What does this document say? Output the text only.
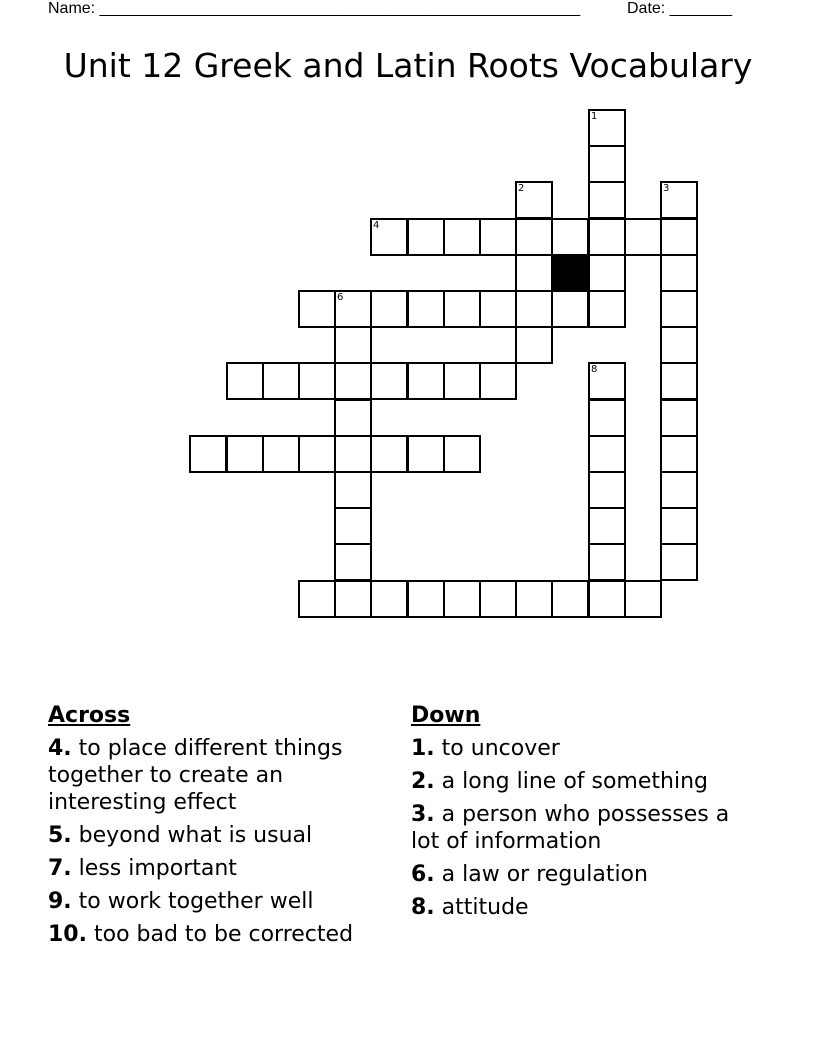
Name: ______________________________________________________	Date: _______
Unit 12 Greek and Latin Roots Vocabulary
1
2	3
4
6
8
Across
4. to place different things together to create an interesting effect
5. beyond what is usual
7. less important
9. to work together well
10. too bad to be corrected
Down
1. to uncover
2. a long line of something
3. a person who possesses a lot of information
6. a law or regulation
8. attitude
